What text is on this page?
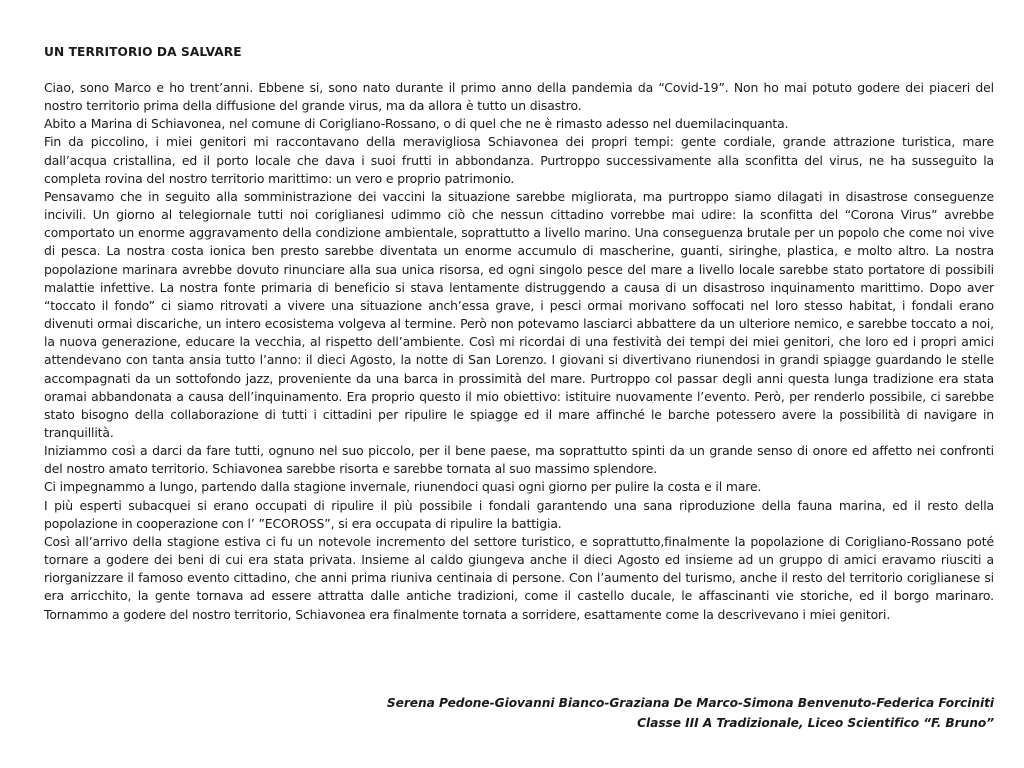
UN TERRITORIO DA SALVARE

Ciao, sono Marco e ho trent’anni. Ebbene si, sono nato durante il primo anno della pandemia da “Covid-19”. Non ho mai potuto godere dei piaceri del nostro territorio prima della diffusione del grande virus, ma da allora è tutto un disastro.

Abito a Marina di Schiavonea, nel comune di Corigliano-Rossano, o di quel che ne è rimasto adesso nel duemilacinquanta.

Fin da piccolino, i miei genitori mi raccontavano della meravigliosa Schiavonea dei propri tempi: gente cordiale, grande attrazione turistica, mare dall’acqua cristallina, ed il porto locale che dava i suoi frutti in abbondanza. Purtroppo successivamente alla sconfitta del virus, ne ha susseguito la completa rovina del nostro territorio marittimo: un vero e proprio patrimonio.

Pensavamo che in seguito alla somministrazione dei vaccini la situazione sarebbe migliorata, ma purtroppo siamo dilagati in disastrose conseguenze incivili. Un giorno al telegiornale tutti noi coriglianesi udimmo ciò che nessun cittadino vorrebbe mai udire: la sconfitta del “Corona Virus” avrebbe comportato un enorme aggravamento della condizione ambientale, soprattutto a livello marino. Una conseguenza brutale per un popolo che come noi vive di pesca. La nostra costa ionica ben presto sarebbe diventata un enorme accumulo di mascherine, guanti, siringhe, plastica, e molto altro. La nostra popolazione marinara avrebbe dovuto rinunciare alla sua unica risorsa, ed ogni singolo pesce del mare a livello locale sarebbe stato portatore di possibili malattie infettive. La nostra fonte primaria di beneficio si stava lentamente distruggendo a causa di un disastroso inquinamento marittimo. Dopo aver “toccato il fondo” ci siamo ritrovati a vivere una situazione anch’essa grave, i pesci ormai morivano soffocati nel loro stesso habitat, i fondali erano divenuti ormai discariche, un intero ecosistema volgeva al termine. Però non potevamo lasciarci abbattere da un ulteriore nemico, e sarebbe toccato a noi, la nuova generazione, educare la vecchia, al rispetto dell’ambiente. Così mi ricordai di una festività dei tempi dei miei genitori, che loro ed i propri amici attendevano con tanta ansia tutto l’anno: il dieci Agosto, la notte di San Lorenzo. I giovani si divertivano riunendosi in grandi spiagge guardando le stelle accompagnati da un sottofondo jazz, proveniente da una barca in prossimità del mare. Purtroppo col passar degli anni questa lunga tradizione era stata oramai abbandonata a causa dell’inquinamento. Era proprio questo il mio obiettivo: istituire nuovamente l’evento. Però, per renderlo possibile, ci sarebbe stato bisogno della collaborazione di tutti i cittadini per ripulire le spiagge ed il mare affinché le barche potessero avere la possibilità di navigare in tranquillità.

Iniziammo così a darci da fare tutti, ognuno nel suo piccolo, per il bene paese, ma soprattutto spinti da un grande senso di onore ed affetto nei confronti del nostro amato territorio. Schiavonea sarebbe risorta e sarebbe tornata al suo massimo splendore.

Ci impegnammo a lungo, partendo dalla stagione invernale, riunendoci quasi ogni giorno per pulire la costa e il mare.

I più esperti subacquei si erano occupati di ripulire il più possibile i fondali garantendo una sana riproduzione della fauna marina, ed il resto della popolazione in cooperazione con l’ ”ECOROSS”, si era occupata di ripulire la battigia.

Così all’arrivo della stagione estiva ci fu un notevole incremento del settore turistico, e soprattutto,finalmente la popolazione di Corigliano-Rossano poté tornare a godere dei beni di cui era stata privata. Insieme al caldo giungeva anche il dieci Agosto ed insieme ad un gruppo di amici eravamo riusciti a riorganizzare il famoso evento cittadino, che anni prima riuniva centinaia di persone. Con l’aumento del turismo, anche il resto del territorio coriglianese si era arricchito, la gente tornava ad essere attratta dalle antiche tradizioni, come il castello ducale, le affascinanti vie storiche, ed il borgo marinaro. Tornammo a godere del nostro territorio, Schiavonea era finalmente tornata a sorridere, esattamente come la descrivevano i miei genitori.

Serena Pedone-Giovanni Bianco-Graziana De Marco-Simona Benvenuto-Federica Forciniti
Classe III A Tradizionale, Liceo Scientifico “F. Bruno”
